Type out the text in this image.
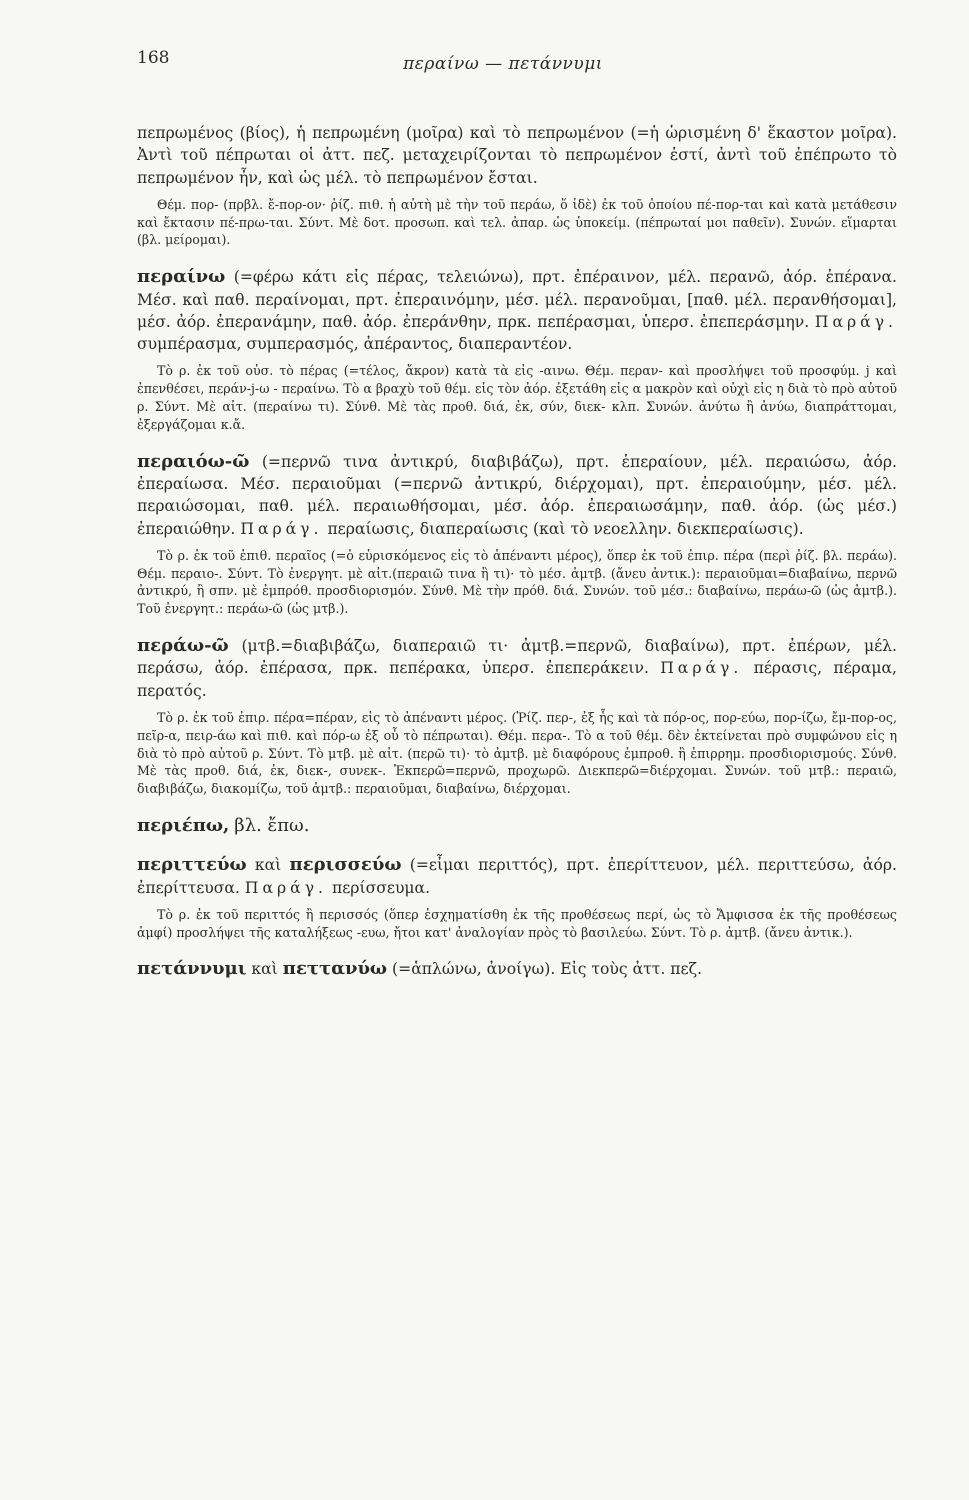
168	περαίνω — πετάννυμι

πεπρωμένος (βίος), ἡ πεπρωμένη (μοῖρα) καὶ τὸ πεπρωμένον (=ἡ ὡρισμένη δ' ἕκαστον μοῖρα). Ἀντὶ τοῦ πέπρωται οἱ ἀττ. πεζ. μεταχειρίζονται τὸ πεπρωμένον ἐστί, ἀντὶ τοῦ ἐπέπρωτο τὸ πεπρωμένον ἦν, καὶ ὡς μέλ. τὸ πεπρωμένον ἔσται.

Θέμ. πορ- (πρβλ. ἔ-πορ-ον· ῥίζ. πιθ. ἡ αὐτὴ μὲ τὴν τοῦ περάω, ὅ ἰδὲ) ἐκ τοῦ ὁποίου πέ-πορ-ται καὶ κατὰ μετάθεσιν καὶ ἔκτασιν πέ-πρω-ται. Σύντ. Μὲ δοτ. προσωπ. καὶ τελ. ἀπαρ. ὡς ὑποκείμ. (πέπρωταί μοι παθεῖν). Συνών. εἵμαρται (βλ. μείρομαι).

περαίνω (=φέρω κάτι εἰς πέρας, τελειώνω), πρτ. ἐπέραινον, μέλ. περανῶ, ἀόρ. ἐπέρανα. Μέσ. καὶ παθ. περαίνομαι, πρτ. ἐπεραινόμην, μέσ. μέλ. περανοῦμαι, [παθ. μέλ. περανθήσομαι], μέσ. ἀόρ. ἐπερανάμην, παθ. ἀόρ. ἐπεράνθην, πρκ. πεπέρασμαι, ὑπερσ. ἐπεπεράσμην. Παράγ. συμπέρασμα, συμπερασμός, ἀπέραντος, διαπεραντέον.

Τὸ ρ. ἐκ τοῦ οὐσ. τὸ πέρας (=τέλος, ἄκρον) κατὰ τὰ εἰς -αινω. Θέμ. περαν- καὶ προσλήψει τοῦ προσφύμ. j καὶ ἐπενθέσει, περάν-j-ω - περαίνω. Τὸ α βραχὺ τοῦ θέμ. εἰς τὸν ἀόρ. ἐξετάθη εἰς α μακρὸν καὶ οὐχὶ εἰς η διὰ τὸ πρὸ αὐτοῦ ρ. Σύντ. Μὲ αἰτ. (περαίνω τι). Σύνθ. Μὲ τὰς προθ. διά, ἐκ, σύν, διεκ- κλπ. Συνών. ἀνύτω ἢ ἀνύω, διαπράττομαι, ἐξεργάζομαι κ.ἄ.

περαιόω-ῶ (=περνῶ τινα ἀντικρύ, διαβιβάζω), πρτ. ἐπεραίουν, μέλ. περαιώσω, ἀόρ. ἐπεραίωσα. Μέσ. περαιοῦμαι (=περνῶ ἀντικρύ, διέρχομαι), πρτ. ἐπεραιούμην, μέσ. μέλ. περαιώσομαι, παθ. μέλ. περαιωθήσομαι, μέσ. ἀόρ. ἐπεραιωσάμην, παθ. ἀόρ. (ὡς μέσ.) ἐπεραιώθην. Παράγ. περαίωσις, διαπεραίωσις (καὶ τὸ νεοελλην. διεκπεραίωσις).

Τὸ ρ. ἐκ τοῦ ἐπιθ. περαῖος (=ὁ εὑρισκόμενος εἰς τὸ ἀπέναντι μέρος), ὅπερ ἐκ τοῦ ἐπιρ. πέρα (περὶ ῥίζ. βλ. περάω). Θέμ. περαιο-. Σύντ. Τὸ ἐνεργητ. μὲ αἰτ.(περαιῶ τινα ἢ τι)· τὸ μέσ. ἀμτβ. (ἄνευ ἀντικ.): περαιοῦμαι=διαβαίνω, περνῶ ἀντικρύ, ἢ σπν. μὲ ἐμπρόθ. προσδιορισμόν. Σύνθ. Μὲ τὴν πρόθ. διά. Συνών. τοῦ μέσ.: διαβαίνω, περάω-ῶ (ὡς ἀμτβ.). Τοῦ ἐνεργητ.: περάω-ῶ (ὡς μτβ.).

περάω-ῶ (μτβ.=διαβιβάζω, διαπεραιῶ τι· ἀμτβ.=περνῶ, διαβαίνω), πρτ. ἐπέρων, μέλ. περάσω, ἀόρ. ἐπέρασα, πρκ. πεπέρακα, ὑπερσ. ἐπεπεράκειν. Παράγ. πέρασις, πέραμα, περατός.

Τὸ ρ. ἐκ τοῦ ἐπιρ. πέρα=πέραν, εἰς τὸ ἀπέναντι μέρος. (Ῥίζ. περ-, ἐξ ἧς καὶ τὰ πόρ-ος, πορ-εύω, πορ-ίζω, ἔμ-πορ-ος, πεῖρ-α, πειρ-άω καὶ πιθ. καὶ πόρ-ω ἐξ οὗ τὸ πέπρωται). Θέμ. περα-. Τὸ α τοῦ θέμ. δὲν ἐκτείνεται πρὸ συμφώνου εἰς η διὰ τὸ πρὸ αὐτοῦ ρ. Σύντ. Τὸ μτβ. μὲ αἰτ. (περῶ τι)· τὸ ἀμτβ. μὲ διαφόρους ἐμπροθ. ἢ ἐπιρρημ. προσδιορισμούς. Σύνθ. Μὲ τὰς προθ. διά, ἐκ, διεκ-, συνεκ-. Ἐκπερῶ=περνῶ, προχωρῶ. Διεκπερῶ=διέρχομαι. Συνών. τοῦ μτβ.: περαιῶ, διαβιβάζω, διακομίζω, τοῦ ἀμτβ.: περαιοῦμαι, διαβαίνω, διέρχομαι.

περιέπω, βλ. ἔπω.

περιττεύω καὶ περισσεύω (=εἶμαι περιττός), πρτ. ἐπερίττευον, μέλ. περιττεύσω, ἀόρ. ἐπερίττευσα. Παράγ. περίσσευμα.

Τὸ ρ. ἐκ τοῦ περιττός ἢ περισσός (ὅπερ ἐσχηματίσθη ἐκ τῆς προθέσεως περί, ὡς τὸ Ἄμφισσα ἐκ τῆς προθέσεως ἀμφί) προσλήψει τῆς καταλήξεως -ευω, ἤτοι κατ' ἀναλογίαν πρὸς τὸ βασιλεύω. Σύντ. Τὸ ρ. ἀμτβ. (ἄνευ ἀντικ.).

πετάννυμι καὶ πεττανύω (=ἁπλώνω, ἀνοίγω). Εἰς τοὺς ἀττ. πεζ.
